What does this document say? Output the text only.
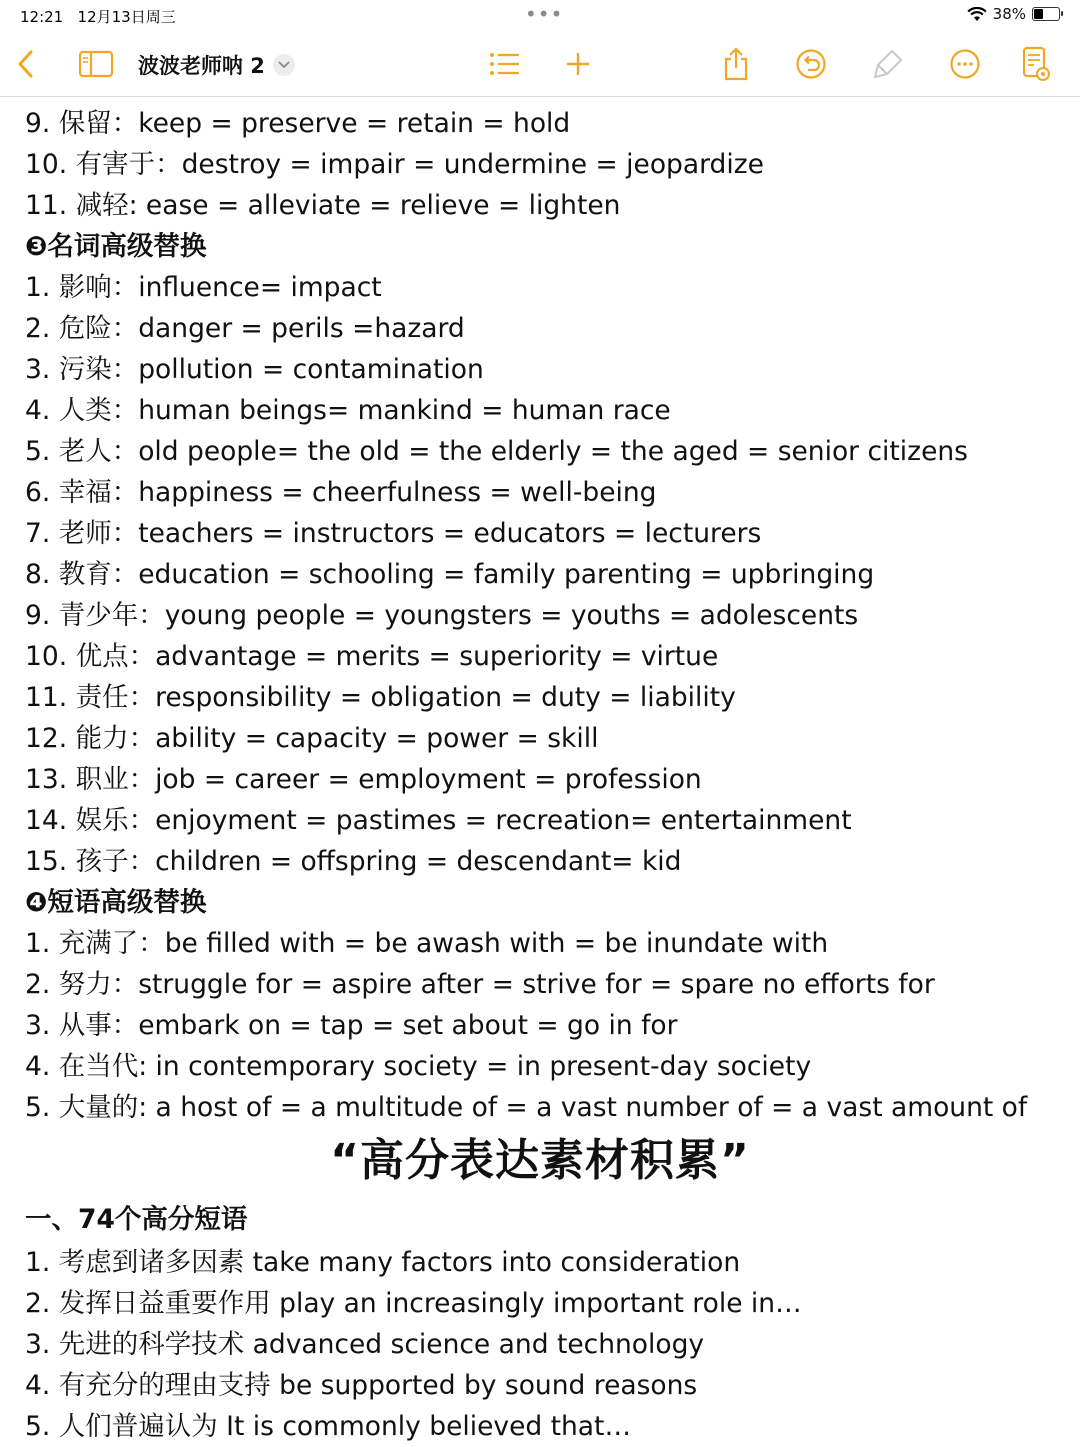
12:21 12月13日周三	•••	38%
波波老师呐 2
9. 保留：keep = preserve = retain = hold
10. 有害于：destroy = impair = undermine = jeopardize
11. 减轻: ease = alleviate = relieve = lighten
❸名词高级替换
1. 影响：influence= impact
2. 危险：danger = perils =hazard
3. 污染：pollution = contamination
4. 人类：human beings= mankind = human race
5. 老人：old people= the old = the elderly = the aged = senior citizens
6. 幸福：happiness = cheerfulness = well-being
7. 老师：teachers = instructors = educators = lecturers
8. 教育：education = schooling = family parenting = upbringing
9. 青少年：young people = youngsters = youths = adolescents
10. 优点：advantage = merits = superiority = virtue
11. 责任：responsibility = obligation = duty = liability
12. 能力：ability = capacity = power = skill
13. 职业：job = career = employment = profession
14. 娱乐：enjoyment = pastimes = recreation= entertainment
15. 孩子：children = offspring = descendant= kid
❹短语高级替换
1. 充满了：be filled with = be awash with = be inundate with
2. 努力：struggle for = aspire after = strive for = spare no efforts for
3. 从事：embark on = tap = set about = go in for
4. 在当代: in contemporary society = in present-day society
5. 大量的: a host of = a multitude of = a vast number of = a vast amount of
“高分表达素材积累”
一、74个高分短语
1. 考虑到诸多因素 take many factors into consideration
2. 发挥日益重要作用 play an increasingly important role in…
3. 先进的科学技术 advanced science and technology
4. 有充分的理由支持 be supported by sound reasons
5. 人们普遍认为 It is commonly believed that…
